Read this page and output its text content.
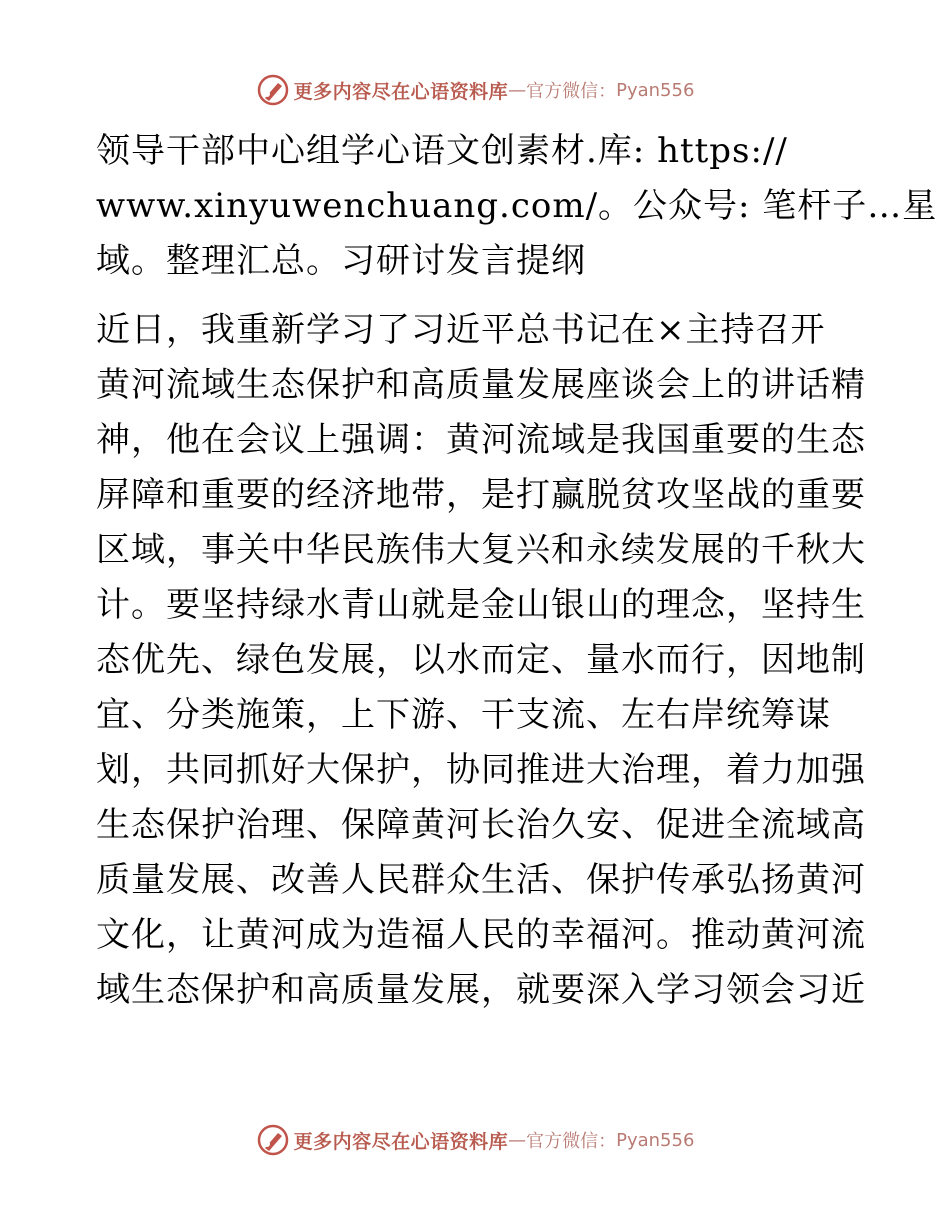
更多内容尽在心语资料库 — 官方微信： Pyan556
领导干部中心组学心语文创素材.库: https://
www.xinyuwenchuang.com/。公众号: 笔杆子…星
域。整理汇总。习研讨发言提纲
近日，我重新学习了习近平总书记在×主持召开
黄河流域生态保护和高质量发展座谈会上的讲话精
神，他在会议上强调：黄河流域是我国重要的生态
屏障和重要的经济地带，是打赢脱贫攻坚战的重要
区域，事关中华民族伟大复兴和永续发展的千秋大
计。要坚持绿水青山就是金山银山的理念，坚持生
态优先、绿色发展，以水而定、量水而行，因地制
宜、分类施策，上下游、干支流、左右岸统筹谋
划，共同抓好大保护，协同推进大治理，着力加强
生态保护治理、保障黄河长治久安、促进全流域高
质量发展、改善人民群众生活、保护传承弘扬黄河
文化，让黄河成为造福人民的幸福河。推动黄河流
域生态保护和高质量发展，就要深入学习领会习近
更多内容尽在心语资料库 — 官方微信： Pyan556
